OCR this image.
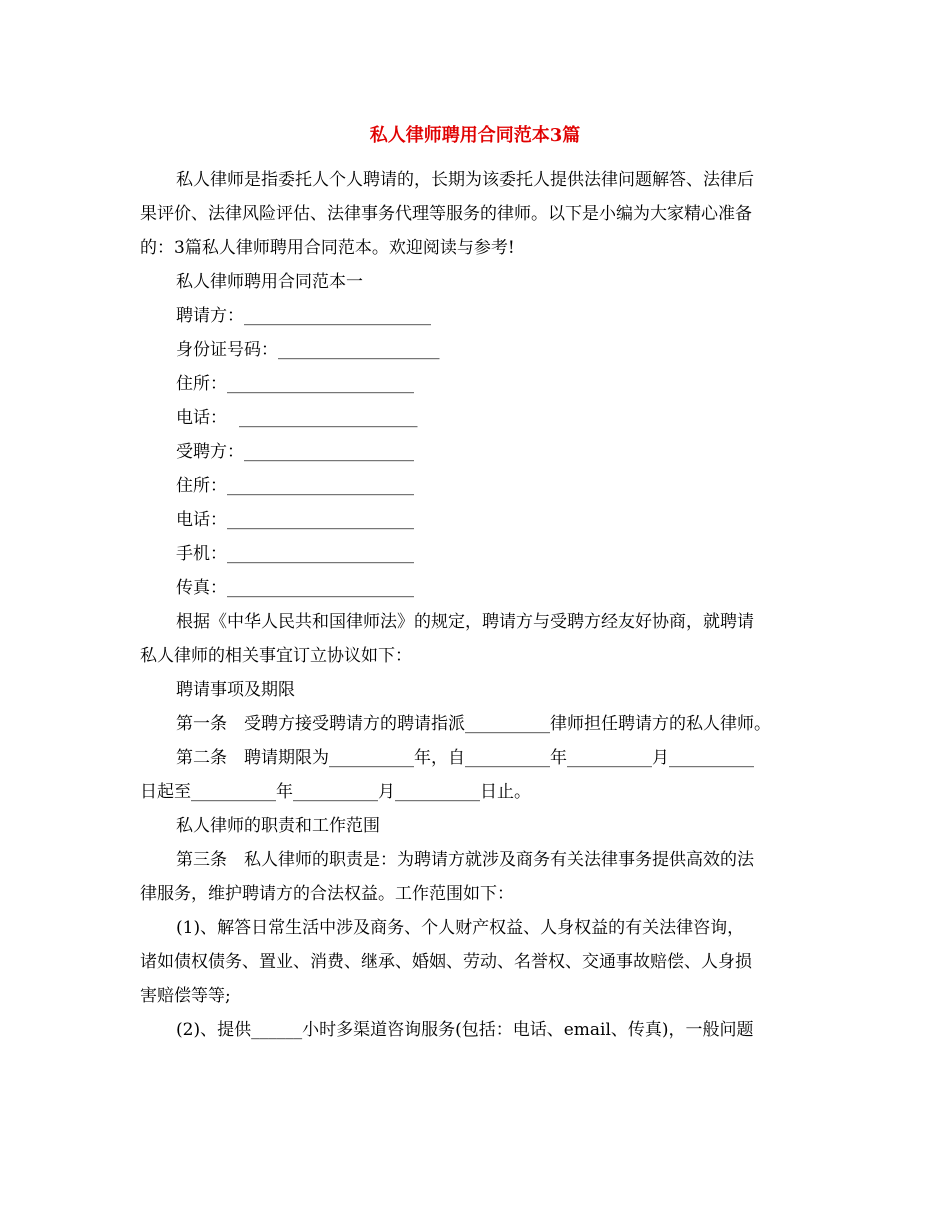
私人律师聘用合同范本3篇
私人律师是指委托人个人聘请的，长期为该委托人提供法律问题解答、法律后
果评价、法律风险评估、法律事务代理等服务的律师。以下是小编为大家精心准备
的：3篇私人律师聘用合同范本。欢迎阅读与参考!
私人律师聘用合同范本一
聘请方：______________________
身份证号码：___________________
住所：______________________
电话： _____________________
受聘方：____________________
住所：______________________
电话：______________________
手机：______________________
传真：______________________
根据《中华人民共和国律师法》的规定，聘请方与受聘方经友好协商，就聘请
私人律师的相关事宜订立协议如下：
聘请事项及期限
第一条　受聘方接受聘请方的聘请指派__________律师担任聘请方的私人律师。
第二条　聘请期限为__________年，自__________年__________月__________
日起至__________年__________月__________日止。
私人律师的职责和工作范围
第三条　私人律师的职责是：为聘请方就涉及商务有关法律事务提供高效的法
律服务，维护聘请方的合法权益。工作范围如下：
(1)、解答日常生活中涉及商务、个人财产权益、人身权益的有关法律咨询，
诸如债权债务、置业、消费、继承、婚姻、劳动、名誉权、交通事故赔偿、人身损
害赔偿等等;
(2)、提供______小时多渠道咨询服务(包括：电话、email、传真)，一般问题
